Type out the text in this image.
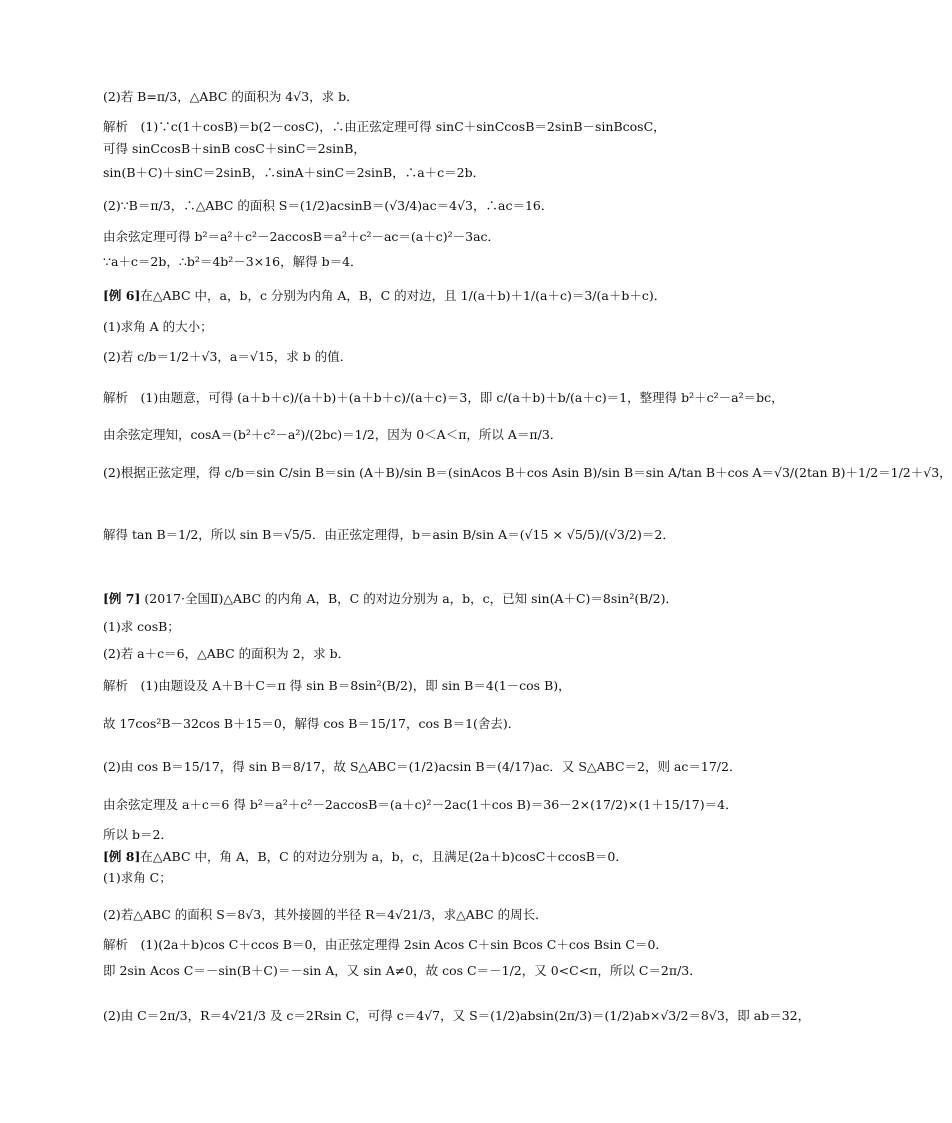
(2)若 B=π/3，△ABC 的面积为 4√3，求 b．
解析　(1)∵c(1＋cosB)＝b(2－cosC)，∴由正弦定理可得 sinC＋sinCcosB＝2sinB－sinBcosC，
可得 sinCcosB＋sinB cosC＋sinC＝2sinB，
sin(B＋C)＋sinC＝2sinB，∴sinA＋sinC＝2sinB，∴a＋c＝2b．
(2)∵B＝π/3，∴△ABC 的面积 S＝(1/2)acsinB＝(√3/4)ac＝4√3，∴ac＝16．
由余弦定理可得 b²＝a²＋c²－2accosB＝a²＋c²－ac＝(a＋c)²－3ac．
∵a＋c＝2b，∴b²＝4b²－3×16，解得 b＝4．
[例 6]在△ABC 中，a，b，c 分别为内角 A，B，C 的对边，且 1/(a＋b)＋1/(a＋c)＝3/(a＋b＋c)．
(1)求角 A 的大小；
(2)若 c/b＝1/2＋√3，a＝√15，求 b 的值．
解析　(1)由题意，可得 (a＋b＋c)/(a＋b)＋(a＋b＋c)/(a＋c)＝3，即 c/(a＋b)＋b/(a＋c)＝1，整理得 b²＋c²－a²＝bc，
由余弦定理知，cosA＝(b²＋c²－a²)/(2bc)＝1/2，因为 0＜A＜π，所以 A＝π/3．
(2)根据正弦定理，得 c/b＝sin C/sin B＝sin (A＋B)/sin B＝(sinAcos B＋cos Asin B)/sin B＝sin A/tan B＋cos A＝√3/(2tan B)＋1/2＝1/2＋√3，
解得 tan B＝1/2，所以 sin B＝√5/5．由正弦定理得，b＝asin B/sin A＝(√15 × √5/5)/(√3/2)＝2．
[例 7] (2017·全国Ⅱ)△ABC 的内角 A，B，C 的对边分别为 a，b，c，已知 sin(A＋C)＝8sin²(B/2)．
(1)求 cosB；
(2)若 a＋c＝6，△ABC 的面积为 2，求 b．
解析　(1)由题设及 A＋B＋C＝π 得 sin B＝8sin²(B/2)，即 sin B＝4(1－cos B)，
故 17cos²B－32cos B＋15＝0，解得 cos B＝15/17，cos B＝1(舍去)．
(2)由 cos B＝15/17，得 sin B＝8/17，故 S△ABC＝(1/2)acsin B＝(4/17)ac．又 S△ABC＝2，则 ac＝17/2．
由余弦定理及 a＋c＝6 得 b²＝a²＋c²－2accosB＝(a＋c)²－2ac(1＋cos B)＝36－2×(17/2)×(1＋15/17)＝4．
所以 b＝2．
[例 8]在△ABC 中，角 A，B，C 的对边分别为 a，b，c，且满足(2a＋b)cosC＋ccosB＝0．
(1)求角 C；
(2)若△ABC 的面积 S＝8√3，其外接圆的半径 R＝4√21/3，求△ABC 的周长．
解析　(1)(2a＋b)cos C＋ccos B＝0，由正弦定理得 2sin Acos C＋sin Bcos C＋cos Bsin C＝0．
即 2sin Acos C＝－sin(B＋C)＝－sin A，又 sin A≠0，故 cos C＝－1/2，又 0<C<π，所以 C＝2π/3．
(2)由 C＝2π/3，R＝4√21/3 及 c＝2Rsin C，可得 c＝4√7，又 S＝(1/2)absin(2π/3)＝(1/2)ab×√3/2＝8√3，即 ab＝32，
